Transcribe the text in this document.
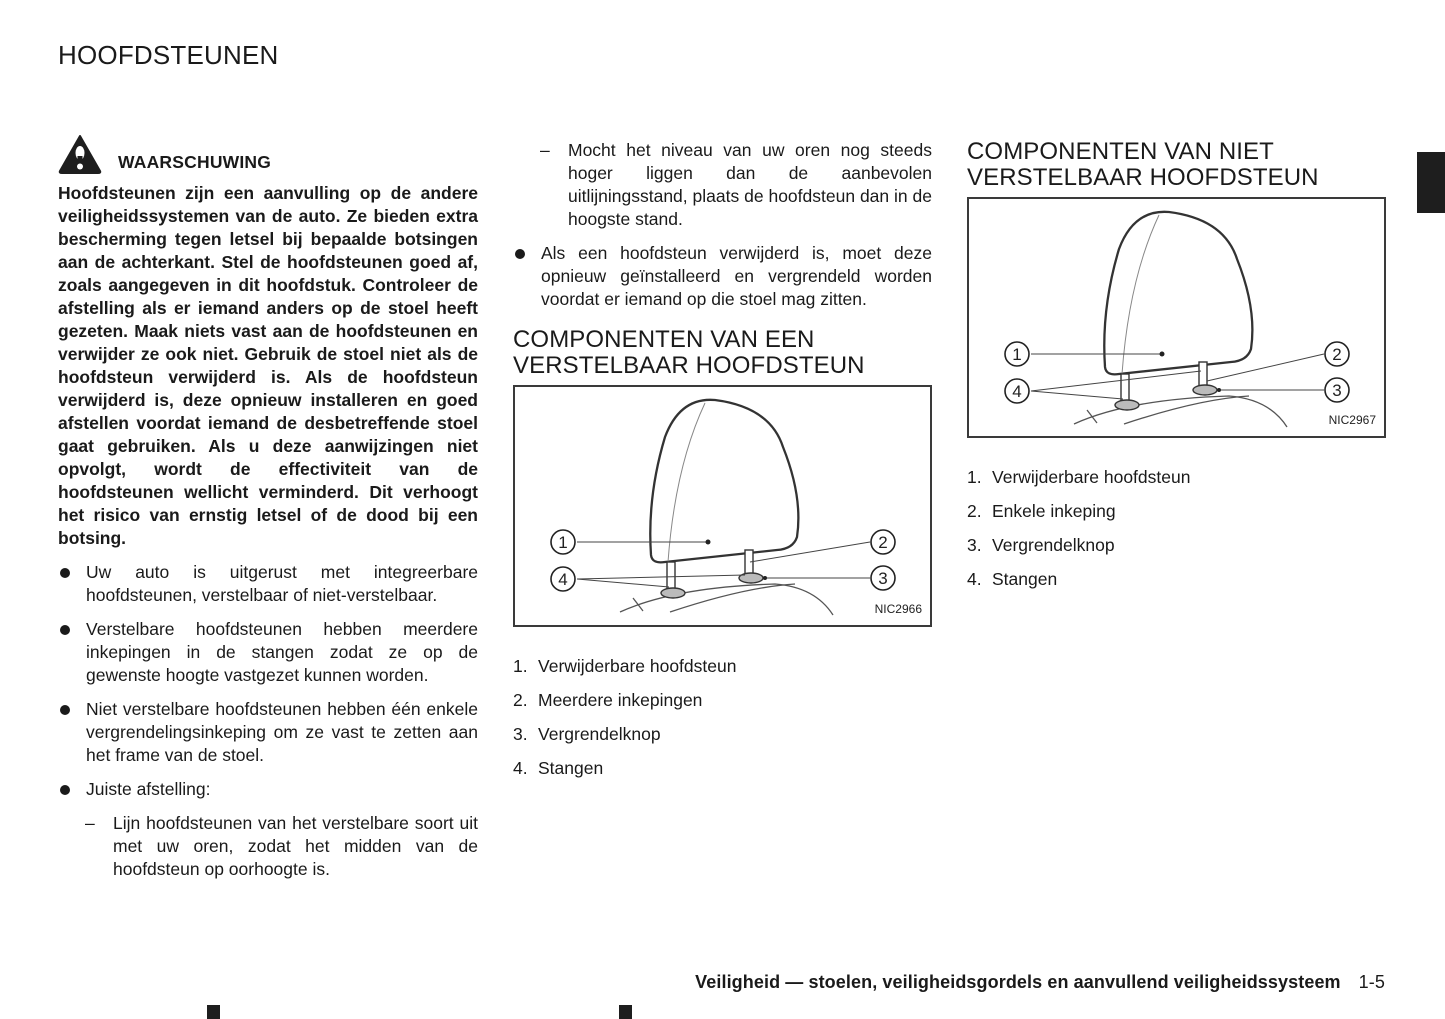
HOOFDSTEUNEN
WAARSCHUWING
Hoofdsteunen zijn een aanvulling op de andere veiligheidssystemen van de auto. Ze bieden extra bescherming tegen letsel bij bepaalde botsingen aan de achterkant. Stel de hoofdsteunen goed af, zoals aangegeven in dit hoofdstuk. Controleer de afstelling als er iemand anders op de stoel heeft gezeten. Maak niets vast aan de hoofdsteunen en verwijder ze ook niet. Gebruik de stoel niet als de hoofdsteun verwijderd is. Als de hoofdsteun verwijderd is, deze opnieuw installeren en goed afstellen voordat iemand de desbetreffende stoel gaat gebruiken. Als u deze aanwijzingen niet opvolgt, wordt de effectiviteit van de hoofdsteunen wellicht verminderd. Dit verhoogt het risico van ernstig letsel of de dood bij een botsing.
Uw auto is uitgerust met integreerbare hoofdsteunen, verstelbaar of niet-verstelbaar.
Verstelbare hoofdsteunen hebben meerdere inkepingen in de stangen zodat ze op de gewenste hoogte vastgezet kunnen worden.
Niet verstelbare hoofdsteunen hebben één enkele vergrendelingsinkeping om ze vast te zetten aan het frame van de stoel.
Juiste afstelling:
– Lijn hoofdsteunen van het verstelbare soort uit met uw oren, zodat het midden van de hoofdsteun op oorhoogte is.
– Mocht het niveau van uw oren nog steeds hoger liggen dan de aanbevolen uitlijningsstand, plaats de hoofdsteun dan in de hoogste stand.
Als een hoofdsteun verwijderd is, moet deze opnieuw geïnstalleerd en vergrendeld worden voordat er iemand op die stoel mag zitten.
COMPONENTEN VAN EEN
VERSTELBAAR HOOFDSTEUN
1	2
3
4
NIC2966
1. Verwijderbare hoofdsteun
2. Meerdere inkepingen
3. Vergrendelknop
4. Stangen
COMPONENTEN VAN NIET
VERSTELBAAR HOOFDSTEUN
1	2
3
4
NIC2967
1. Verwijderbare hoofdsteun
2. Enkele inkeping
3. Vergrendelknop
4. Stangen
Veiligheid — stoelen, veiligheidsgordels en aanvullend veiligheidssysteem 1-5
